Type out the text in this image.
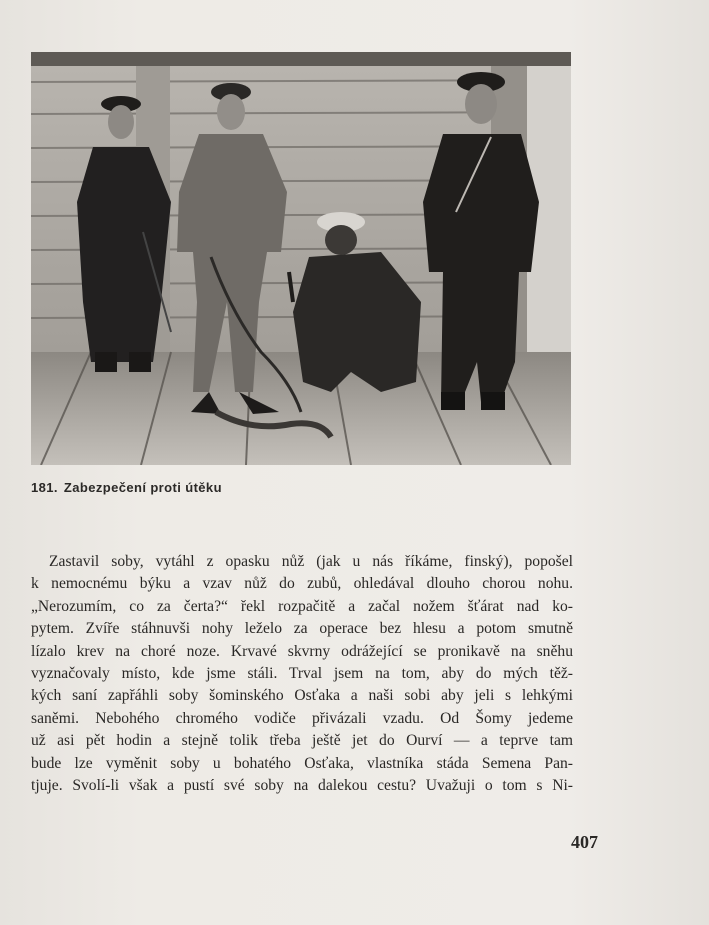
181. Zabezpečení proti útěku
Zastavil soby, vytáhl z opasku nůž (jak u nás říkáme, finský), popošel
k nemocnému býku a vzav nůž do zubů, ohledával dlouho chorou nohu.
„Nerozumím, co za čerta?“ řekl rozpačitě a začal nožem šťárat nad ko-
pytem. Zvíře stáhnuvši nohy leželo za operace bez hlesu a potom smutně
lízalo krev na choré noze. Krvavé skvrny odrážející se pronikavě na sněhu
vyznačovaly místo, kde jsme stáli. Trval jsem na tom, aby do mých těž-
kých saní zapřáhli soby šominského Osťaka a naši sobi aby jeli s lehkými
saněmi. Nebohého chromého vodiče přivázali vzadu. Od Šomy jedeme
už asi pět hodin a stejně tolik třeba ještě jet do Ourví — a teprve tam
bude lze vyměnit soby u bohatého Osťaka, vlastníka stáda Semena Pan-
tjuje. Svolí-li však a pustí své soby na dalekou cestu? Uvažuji o tom s Ni-
407
